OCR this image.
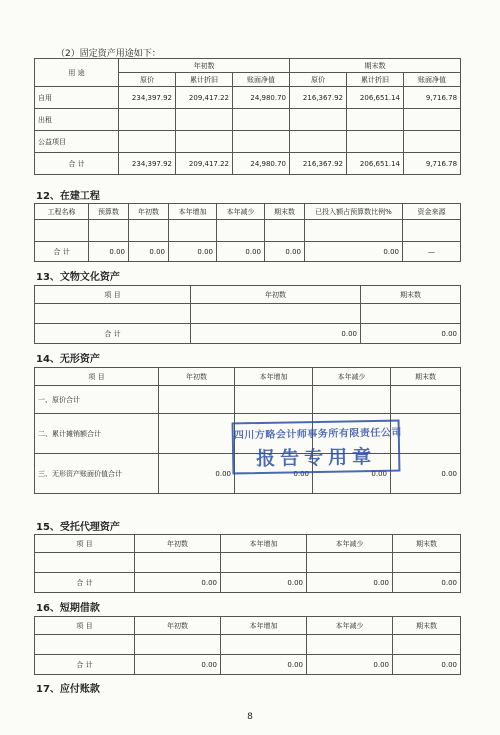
（2）固定资产用途如下：
用 途	年初数			期末数		
	原价	累计折旧	账面净值	原价	累计折旧	账面净值
自用	234,397.92	209,417.22	24,980.70	216,367.92	206,651.14	9,716.78
出租						
公益项目						
合 计	234,397.92	209,417.22	24,980.70	216,367.92	206,651.14	9,716.78
12、在建工程
工程名称	预算数	年初数	本年增加	本年减少	期末数	已投入额占预算数比例%	资金来源

合 计	0.00	0.00	0.00	0.00	0.00	0.00	—
13、文物文化资产
项 目	年初数	期末数

合 计	0.00	0.00
14、无形资产
项 目	年初数	本年增加	本年减少	期末数
一、原价合计				
二、累计摊销额合计				
三、无形资产账面价值合计	0.00	0.00	0.00	0.00
四川方略会计师事务所有限责任公司
报告专用章
15、受托代理资产
项 目	年初数	本年增加	本年减少	期末数

合 计	0.00	0.00	0.00	0.00
16、短期借款
项 目	年初数	本年增加	本年减少	期末数

合 计	0.00	0.00	0.00	0.00
17、应付账款
8
